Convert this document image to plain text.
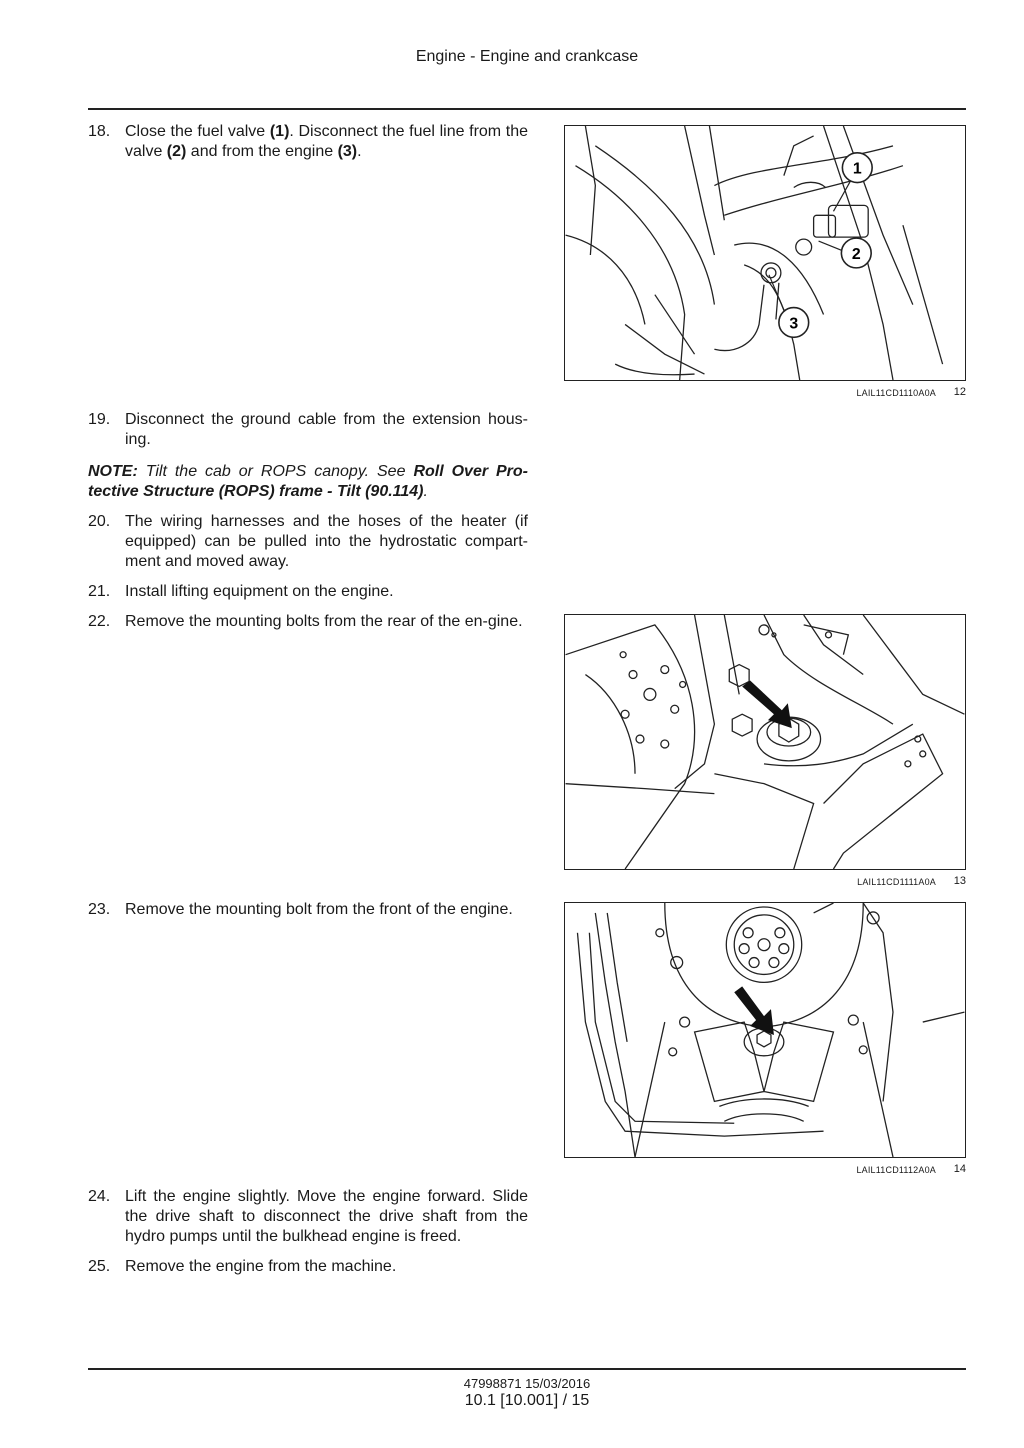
Engine - Engine and crankcase
18. Close the fuel valve (1). Disconnect the fuel line from the valve (2) and from the engine (3).
1
2
3
LAIL11CD1110A0A 12
19. Disconnect the ground cable from the extension hous-ing.
NOTE: Tilt the cab or ROPS canopy. See Roll Over Pro-tective Structure (ROPS) frame - Tilt (90.114).
20. The wiring harnesses and the hoses of the heater (if equipped) can be pulled into the hydrostatic compart-ment and moved away.
21. Install lifting equipment on the engine.
22. Remove the mounting bolts from the rear of the en-gine.
LAIL11CD1111A0A 13
23. Remove the mounting bolt from the front of the engine.
LAIL11CD1112A0A 14
24. Lift the engine slightly. Move the engine forward. Slide the drive shaft to disconnect the drive shaft from the hydro pumps until the bulkhead engine is freed.
25. Remove the engine from the machine.
47998871 15/03/2016
10.1 [10.001] / 15
